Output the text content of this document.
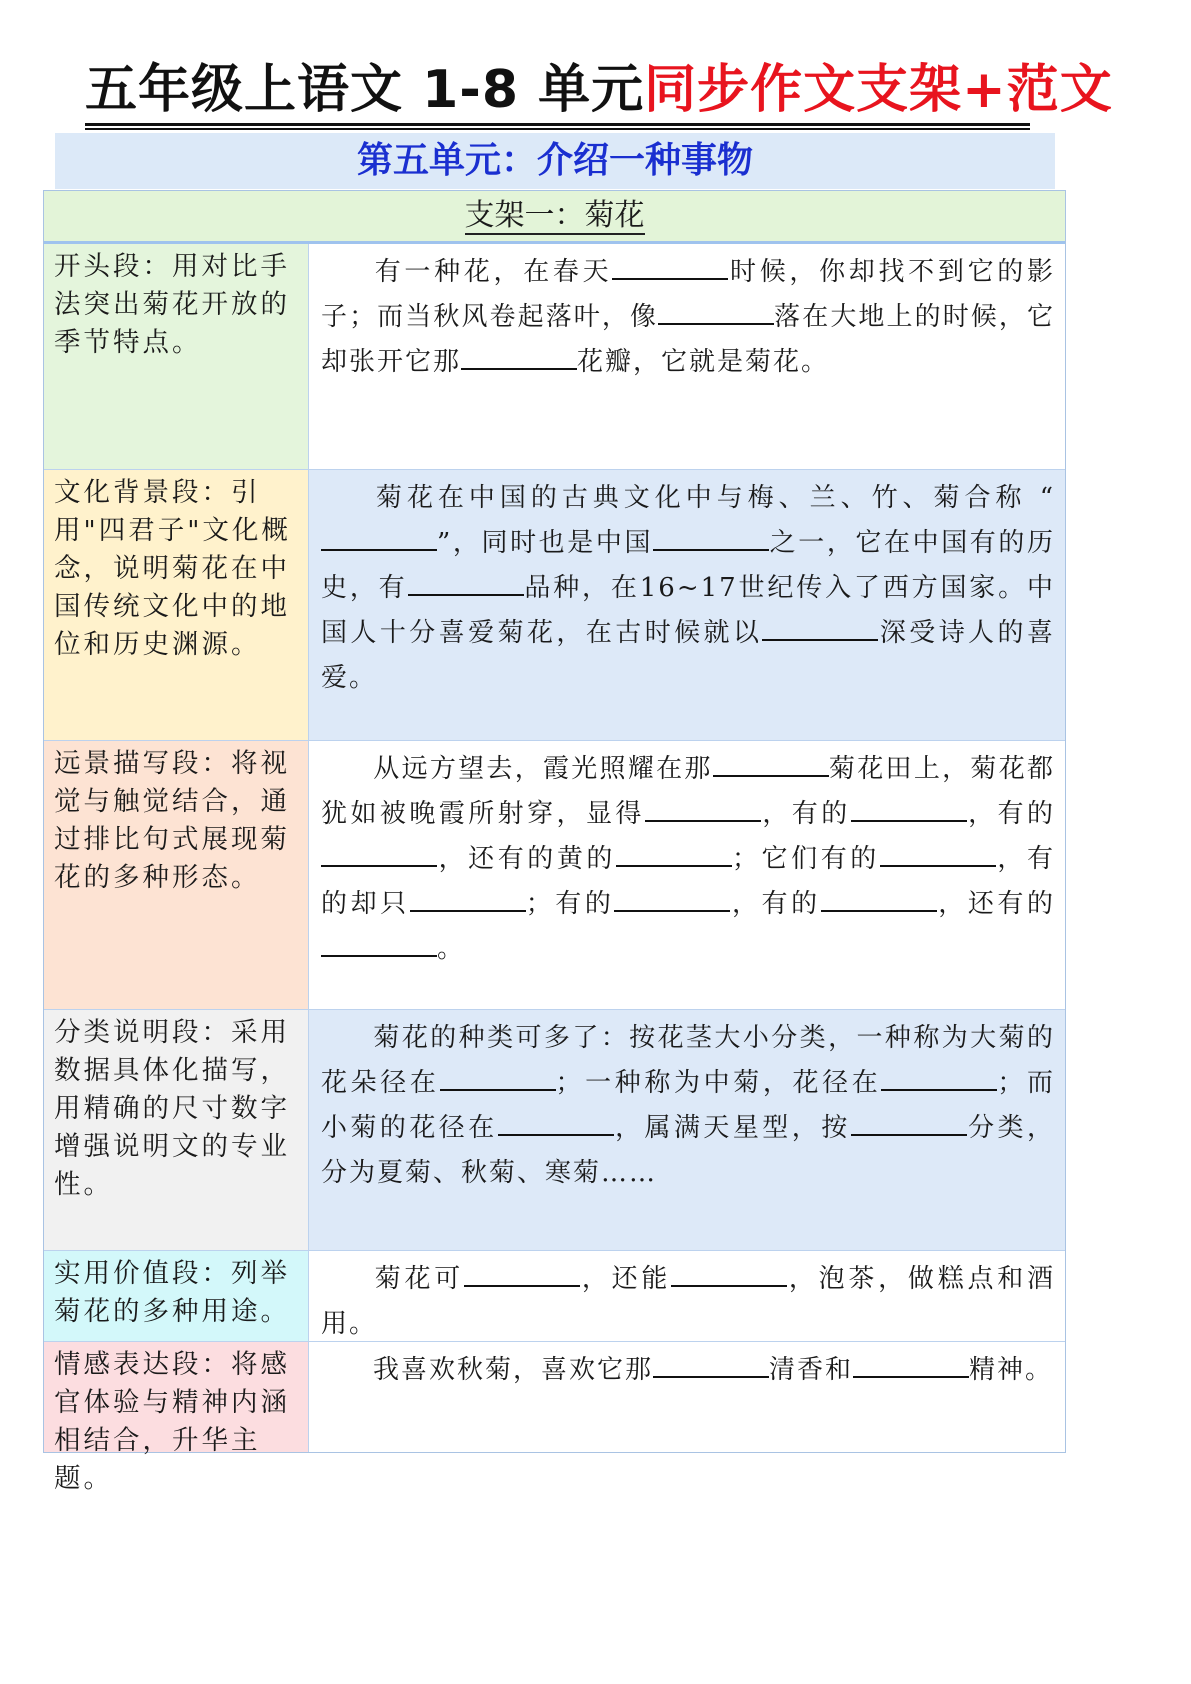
五年级上语文 1-8 单元同步作文支架+范文
第五单元：介绍一种事物
支架一：菊花
开头段：用对比手法突出菊花开放的季节特点。
有一种花，在春天	时候，你却找不到它的影子；而当秋风卷起落叶，像	落在大地上的时候，它却张开它那	花瓣，它就是菊花。
文化背景段：引用"四君子"文化概念，说明菊花在中国传统文化中的地位和历史渊源。
菊花在中国的古典文化中与梅、兰、竹、菊合称 “”，同时也是中国	之一，它在中国有的历史，有	品种，在16~17世纪传入了西方国家。中国人十分喜爱菊花，在古时候就以	深受诗人的喜爱。
远景描写段：将视觉与触觉结合，通过排比句式展现菊花的多种形态。
从远方望去，霞光照耀在那	菊花田上，菊花都犹如被晚霞所射穿，显得	，有的	，有的，还有的黄的	；它们有的	，有的却只	；有的	，有的	，还有的。
分类说明段：采用数据具体化描写，用精确的尺寸数字增强说明文的专业性。
菊花的种类可多了：按花茎大小分类，一种称为大菊的花朵径在	；一种称为中菊，花径在	；而小菊的花径在	，属满天星型，按	分类，分为夏菊、秋菊、寒菊……
实用价值段：列举菊花的多种用途。
菊花可	，还能	，泡茶，做糕点和酒用。
情感表达段：将感官体验与精神内涵相结合，升华主题。
我喜欢秋菊，喜欢它那	清香和	精神。
